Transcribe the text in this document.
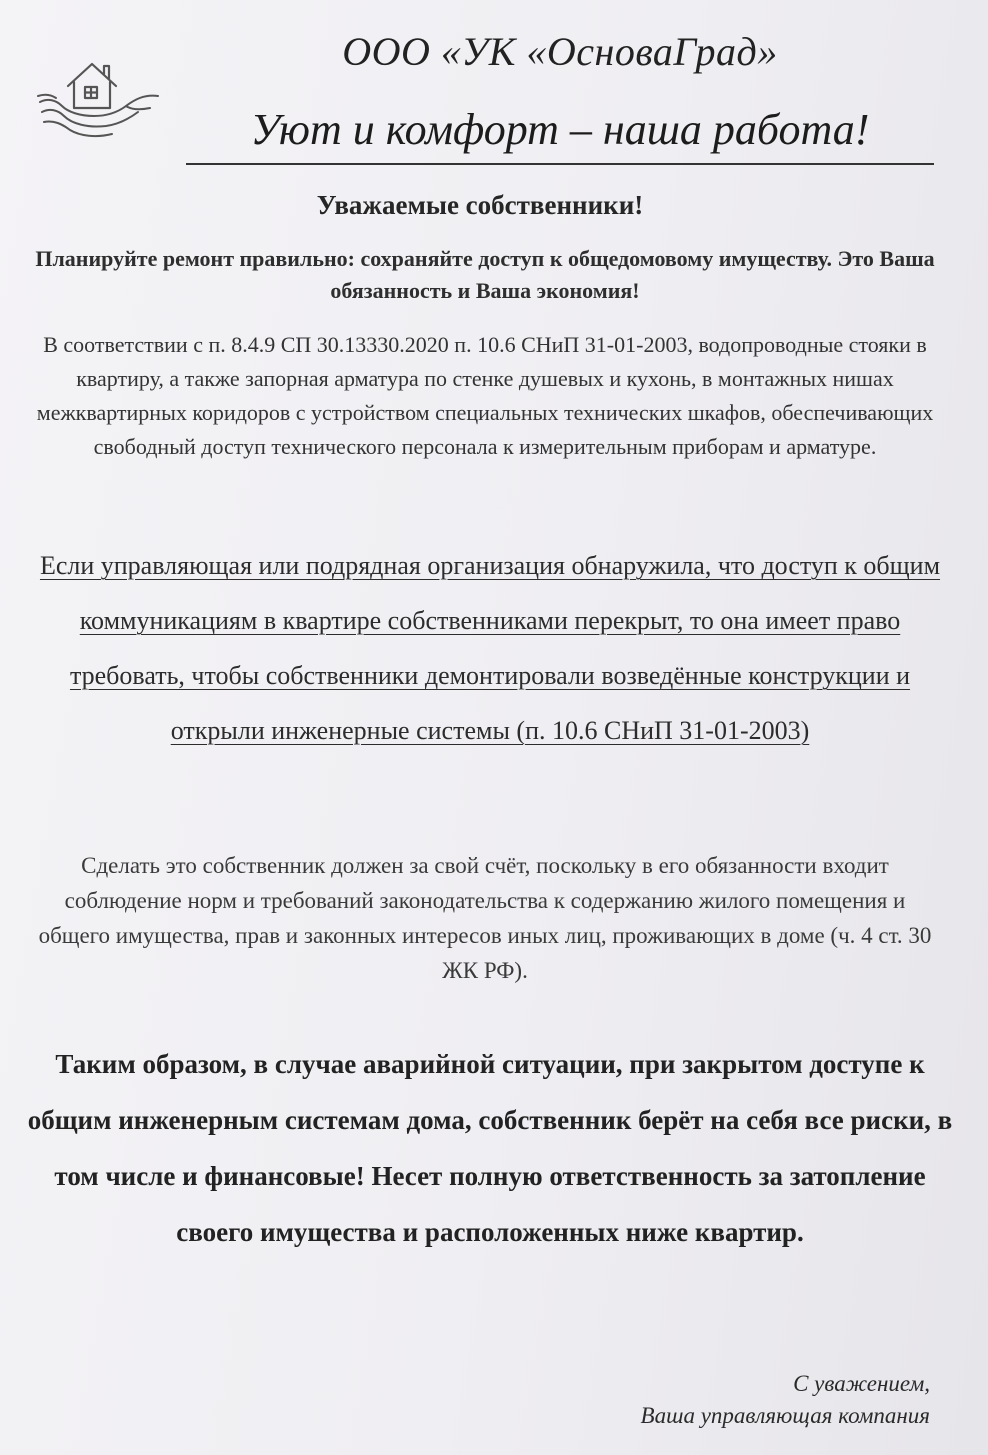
ООО «УК «ОсноваГрад»
Уют и комфорт – наша работа!
Уважаемые собственники!
Планируйте ремонт правильно: сохраняйте доступ к общедомовому имуществу. Это Ваша обязанность и Ваша экономия!
В соответствии с п. 8.4.9 СП 30.13330.2020 п. 10.6 СНиП 31-01-2003, водопроводные стояки в квартиру, а также запорная арматура по стенке душевых и кухонь, в монтажных нишах межквартирных коридоров с устройством специальных технических шкафов, обеспечивающих свободный доступ технического персонала к измерительным приборам и арматуре.
Если управляющая или подрядная организация обнаружила, что доступ к общим коммуникациям в квартире собственниками перекрыт, то она имеет право требовать, чтобы собственники демонтировали возведённые конструкции и открыли инженерные системы (п. 10.6 СНиП 31-01-2003)
Сделать это собственник должен за свой счёт, поскольку в его обязанности входит соблюдение норм и требований законодательства к содержанию жилого помещения и общего имущества, прав и законных интересов иных лиц, проживающих в доме (ч. 4 ст. 30 ЖК РФ).
Таким образом, в случае аварийной ситуации, при закрытом доступе к общим инженерным системам дома, собственник берёт на себя все риски, в том числе и финансовые! Несет полную ответственность за затопление своего имущества и расположенных ниже квартир.
С уважением,
Ваша управляющая компания
